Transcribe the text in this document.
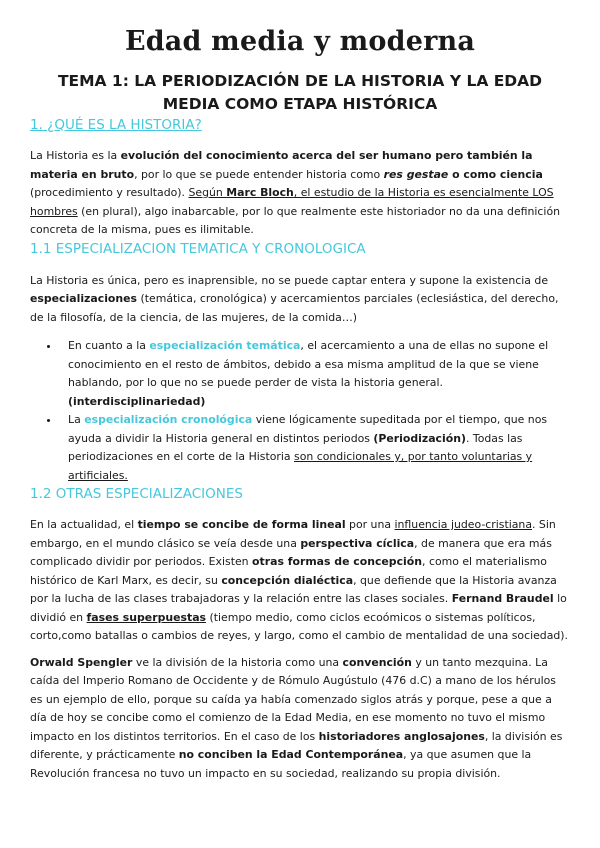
Edad media y moderna
TEMA 1: LA PERIODIZACIÓN DE LA HISTORIA Y LA EDAD MEDIA COMO ETAPA HISTÓRICA
1. ¿QUÉ ES LA HISTORIA?

La Historia es la evolución del conocimiento acerca del ser humano pero también la materia en bruto, por lo que se puede entender historia como res gestae o como ciencia (procedimiento y resultado). Según Marc Bloch, el estudio de la Historia es esencialmente LOS hombres (en plural), algo inabarcable, por lo que realmente este historiador no da una definición concreta de la misma, pues es ilimitable.

1.1 ESPECIALIZACION TEMATICA Y CRONOLOGICA

La Historia es única, pero es inaprensible, no se puede captar entera y supone la existencia de especializaciones (temática, cronológica) y acercamientos parciales (eclesiástica, del derecho, de la filosofía, de la ciencia, de las mujeres, de la comida…)

• En cuanto a la especialización temática, el acercamiento a una de ellas no supone el conocimiento en el resto de ámbitos, debido a esa misma amplitud de la que se viene hablando, por lo que no se puede perder de vista la historia general. (interdisciplinariedad)
• La especialización cronológica viene lógicamente supeditada por el tiempo, que nos ayuda a dividir la Historia general en distintos periodos (Periodización). Todas las periodizaciones en el corte de la Historia son condicionales y, por tanto voluntarias y artificiales.
1.2 OTRAS ESPECIALIZACIONES

En la actualidad, el tiempo se concibe de forma lineal por una influencia judeo-cristiana. Sin embargo, en el mundo clásico se veía desde una perspectiva cíclica, de manera que era más complicado dividir por periodos. Existen otras formas de concepción, como el materialismo histórico de Karl Marx, es decir, su concepción dialéctica, que defiende que la Historia avanza por la lucha de las clases trabajadoras y la relación entre las clases sociales. Fernand Braudel lo dividió en fases superpuestas (tiempo medio, como ciclos ecoómicos o sistemas políticos, corto,como batallas o cambios de reyes, y largo, como el cambio de mentalidad de una sociedad).

Orwald Spengler ve la división de la historia como una convención y un tanto mezquina. La caída del Imperio Romano de Occidente y de Rómulo Augústulo (476 d.C) a mano de los hérulos es un ejemplo de ello, porque su caída ya había comenzado siglos atrás y porque, pese a que a día de hoy se concibe como el comienzo de la Edad Media, en ese momento no tuvo el mismo impacto en los distintos territorios. En el caso de los historiadores anglosajones, la división es diferente, y prácticamente no conciben la Edad Contemporánea, ya que asumen que la Revolución francesa no tuvo un impacto en su sociedad, realizando su propia división.
